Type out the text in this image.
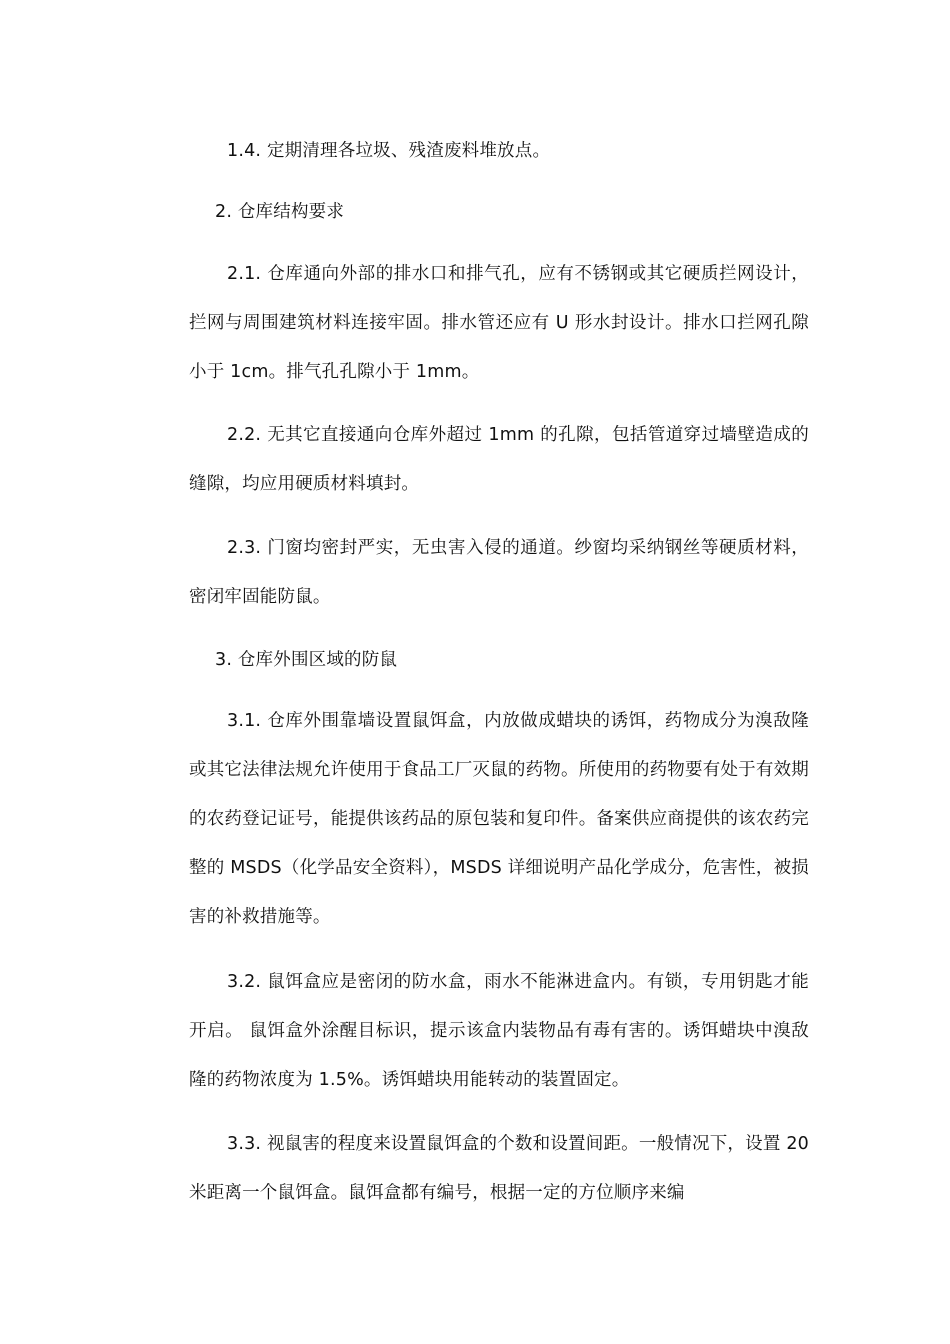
1.4. 定期清理各垃圾、残渣废料堆放点。

2. 仓库结构要求

2.1. 仓库通向外部的排水口和排气孔，应有不锈钢或其它硬质拦网设计，拦网与周围建筑材料连接牢固。排水管还应有 U 形水封设计。排水口拦网孔隙小于 1cm。排气孔孔隙小于 1mm。

2.2. 无其它直接通向仓库外超过 1mm 的孔隙，包括管道穿过墙壁造成的缝隙，均应用硬质材料填封。

2.3. 门窗均密封严实，无虫害入侵的通道。纱窗均采纳钢丝等硬质材料，密闭牢固能防鼠。

3. 仓库外围区域的防鼠

3.1. 仓库外围靠墙设置鼠饵盒，内放做成蜡块的诱饵，药物成分为溴敌隆或其它法律法规允许使用于食品工厂灭鼠的药物。所使用的药物要有处于有效期的农药登记证号，能提供该药品的原包装和复印件。备案供应商提供的该农药完整的 MSDS（化学品安全资料），MSDS 详细说明产品化学成分，危害性，被损害的补救措施等。

3.2. 鼠饵盒应是密闭的防水盒，雨水不能淋进盒内。有锁，专用钥匙才能开启。 鼠饵盒外涂醒目标识，提示该盒内装物品有毒有害的。诱饵蜡块中溴敌隆的药物浓度为 1.5%。诱饵蜡块用能转动的装置固定。

3.3. 视鼠害的程度来设置鼠饵盒的个数和设置间距。一般情况下，设置 20 米距离一个鼠饵盒。鼠饵盒都有编号，根据一定的方位顺序来编
